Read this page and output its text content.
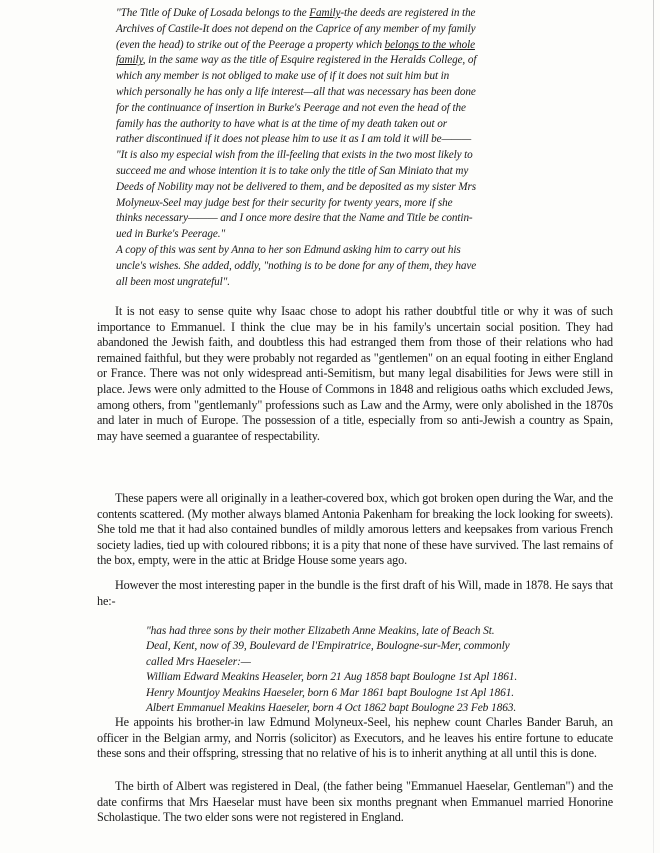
"The Title of Duke of Losada belongs to the Family-the deeds are registered in the

Archives of Castile-It does not depend on the Caprice of any member of my family

(even the head) to strike out of the Peerage a property which belongs to the whole

family, in the same way as the title of Esquire registered in the Heralds College, of

which any member is not obliged to make use of if it does not suit him but in

which personally he has only a life interest—all that was necessary has been done

for the continuance of insertion in Burke's Peerage and not even the head of the

family has the authority to have what is at the time of my death taken out or

rather discontinued if it does not please him to use it as I am told it will be———

"It is also my especial wish from the ill-feeling that exists in the two most likely to

succeed me and whose intention it is to take only the title of San Miniato that my

Deeds of Nobility may not be delivered to them, and be deposited as my sister Mrs

Molyneux-Seel may judge best for their security for twenty years, more if she

thinks necessary——— and I once more desire that the Name and Title be contin-

ued in Burke's Peerage."

A copy of this was sent by Anna to her son Edmund asking him to carry out his

uncle's wishes. She added, oddly, "nothing is to be done for any of them, they have

all been most ungrateful".

It is not easy to sense quite why Isaac chose to adopt his rather doubtful title or why it was of such importance to Emmanuel. I think the clue may be in his family's uncertain social position. They had abandoned the Jewish faith, and doubtless this had estranged them from those of their relations who had remained faithful, but they were probably not regarded as "gentlemen" on an equal footing in either England or France. There was not only widespread anti-Semitism, but many legal disabilities for Jews were still in place. Jews were only admitted to the House of Commons in 1848 and religious oaths which excluded Jews, among others, from "gentlemanly" professions such as Law and the Army, were only abolished in the 1870s and later in much of Europe. The possession of a title, especially from so anti-Jewish a country as Spain, may have seemed a guarantee of respectability.

These papers were all originally in a leather-covered box, which got broken open during the War, and the contents scattered. (My mother always blamed Antonia Pakenham for breaking the lock looking for sweets). She told me that it had also contained bundles of mildly amorous letters and keepsakes from various French society ladies, tied up with coloured ribbons; it is a pity that none of these have survived. The last remains of the box, empty, were in the attic at Bridge House some years ago.

However the most interesting paper in the bundle is the first draft of his Will, made in 1878. He says that he:-

"has had three sons by their mother Elizabeth Anne Meakins, late of Beach St.

Deal, Kent, now of 39, Boulevard de l'Empiratrice, Boulogne-sur-Mer, commonly

called Mrs Haeseler:—

William Edward Meakins Heaseler, born 21 Aug 1858 bapt Boulogne 1st Apl 1861.

Henry Mountjoy Meakins Haeseler, born 6 Mar 1861 bapt Boulogne 1st Apl 1861.

Albert Emmanuel Meakins Haeseler, born 4 Oct 1862 bapt Boulogne 23 Feb 1863.

He appoints his brother-in law Edmund Molyneux-Seel, his nephew count Charles Bander Baruh, an officer in the Belgian army, and Norris (solicitor) as Executors, and he leaves his entire fortune to educate these sons and their offspring, stressing that no relative of his is to inherit anything at all until this is done.

The birth of Albert was registered in Deal, (the father being "Emmanuel Haeselar, Gentleman") and the date confirms that Mrs Haeselar must have been six months pregnant when Emmanuel married Honorine Scholastique. The two elder sons were not registered in England.
